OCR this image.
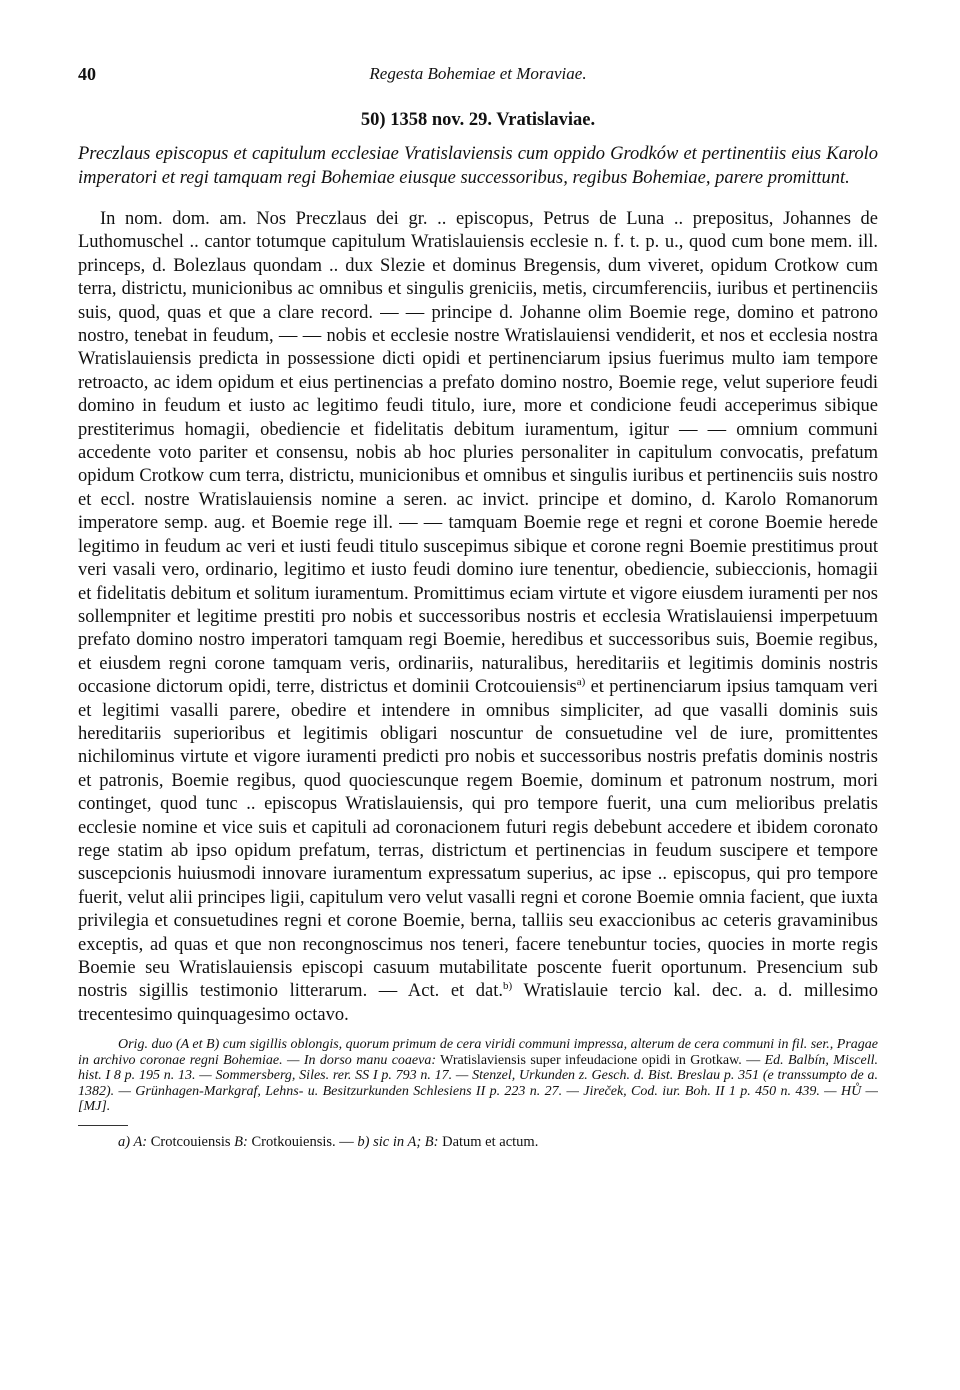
40	Regesta Bohemiae et Moraviae.
50) 1358 nov. 29. Vratislaviae.

Preczlaus episcopus et capitulum ecclesiae Vratislaviensis cum oppido Grodków et pertinentiis eius Karolo imperatori et regi tamquam regi Bohemiae eiusque successoribus, regibus Bohemiae, parere promittunt.

In nom. dom. am. Nos Preczlaus dei gr. .. episcopus, Petrus de Luna .. prepositus, Johannes de Luthomuschel .. cantor totumque capitulum Wratislauiensis ecclesie n. f. t. p. u., quod cum bone mem. ill. princeps, d. Bolezlaus quondam .. dux Slezie et dominus Bregensis, dum viveret, opidum Crotkow cum terra, districtu, municionibus ac omnibus et singulis greniciis, metis, circumferenciis, iuribus et pertinenciis suis, quod, quas et que a clare record. — — principe d. Johanne olim Boemie rege, domino et patrono nostro, tenebat in feudum, — — nobis et ecclesie nostre Wratislauiensi vendiderit, et nos et ecclesia nostra Wratislauiensis predicta in possessione dicti opidi et pertinenciarum ipsius fuerimus multo iam tempore retroacto, ac idem opidum et eius pertinencias a prefato domino nostro, Boemie rege, velut superiore feudi domino in feudum et iusto ac legitimo feudi titulo, iure, more et condicione feudi acceperimus sibique prestiterimus homagii, obediencie et fidelitatis debitum iuramentum, igitur — — omnium communi accedente voto pariter et consensu, nobis ab hoc pluries personaliter in capitulum convocatis, prefatum opidum Crotkow cum terra, districtu, municionibus et omnibus et singulis iuribus et pertinenciis suis nostro et eccl. nostre Wratislauiensis nomine a seren. ac invict. principe et domino, d. Karolo Romanorum imperatore semp. aug. et Boemie rege ill. — — tamquam Boemie rege et regni et corone Boemie herede legitimo in feudum ac veri et iusti feudi titulo suscepimus sibique et corone regni Boemie prestitimus prout veri vasali vero, ordinario, legitimo et iusto feudi domino iure tenentur, obediencie, subieccionis, homagii et fidelitatis debitum et solitum iuramentum. Promittimus eciam virtute et vigore eiusdem iuramenti per nos sollempniter et legitime prestiti pro nobis et successoribus nostris et ecclesia Wratislauiensi imperpetuum prefato domino nostro imperatori tamquam regi Boemie, heredibus et successoribus suis, Boemie regibus, et eiusdem regni corone tamquam veris, ordinariis, naturalibus, hereditariis et legitimis dominis nostris occasione dictorum opidi, terre, districtus et dominii Crotcouiensis$^{a)}$ et pertinenciarum ipsius tamquam veri et legitimi vasalli parere, obedire et intendere in omnibus simpliciter, ad que vasalli dominis suis hereditariis superioribus et legitimis obligari noscuntur de consuetudine vel de iure, promittentes nichilominus virtute et vigore iuramenti predicti pro nobis et successoribus nostris prefatis dominis nostris et patronis, Boemie regibus, quod quociescunque regem Boemie, dominum et patronum nostrum, mori continget, quod tunc .. episcopus Wratislauiensis, qui pro tempore fuerit, una cum melioribus prelatis ecclesie nomine et vice suis et capituli ad coronacionem futuri regis debebunt accedere et ibidem coronato rege statim ab ipso opidum prefatum, terras, districtum et pertinencias in feudum suscipere et tempore suscepcionis huiusmodi innovare iuramentum expressatum superius, ac ipse .. episcopus, qui pro tempore fuerit, velut alii principes ligii, capitulum vero velut vasalli regni et corone Boemie omnia facient, que iuxta privilegia et consuetudines regni et corone Boemie, berna, talliis seu exaccionibus ac ceteris gravaminibus exceptis, ad quas et que non recongnoscimus nos teneri, facere tenebuntur tocies, quocies in morte regis Boemie seu Wratislauiensis episcopi casuum mutabilitate poscente fuerit oportunum. Presencium sub nostris sigillis testimonio litterarum. — Act. et dat.$^{b)}$ Wratislauie tercio kal. dec. a. d. millesimo trecentesimo quinquagesimo octavo.

Orig. duo (A et B) cum sigillis oblongis, quorum primum de cera viridi communi impressa, alterum de cera communi in fil. ser., Pragae in archivo coronae regni Bohemiae. — In dorso manu coaeva: Wratislaviensis super infeudacione opidi in Grotkaw. — Ed. Balbín, Miscell. hist. I 8 p. 195 n. 13. — Sommersberg, Siles. rer. SS I p. 793 n. 17. — Stenzel, Urkunden z. Gesch. d. Bist. Breslau p. 351 (e transsumpto de a. 1382). — Grünhagen-Markgraf, Lehns- u. Besitzurkunden Schlesiens II p. 223 n. 27. — Jireček, Cod. iur. Boh. II 1 p. 450 n. 439. — HŮ — [MJ].

a) A: Crotcouiensis B: Crotkouiensis. — b) sic in A; B: Datum et actum.
